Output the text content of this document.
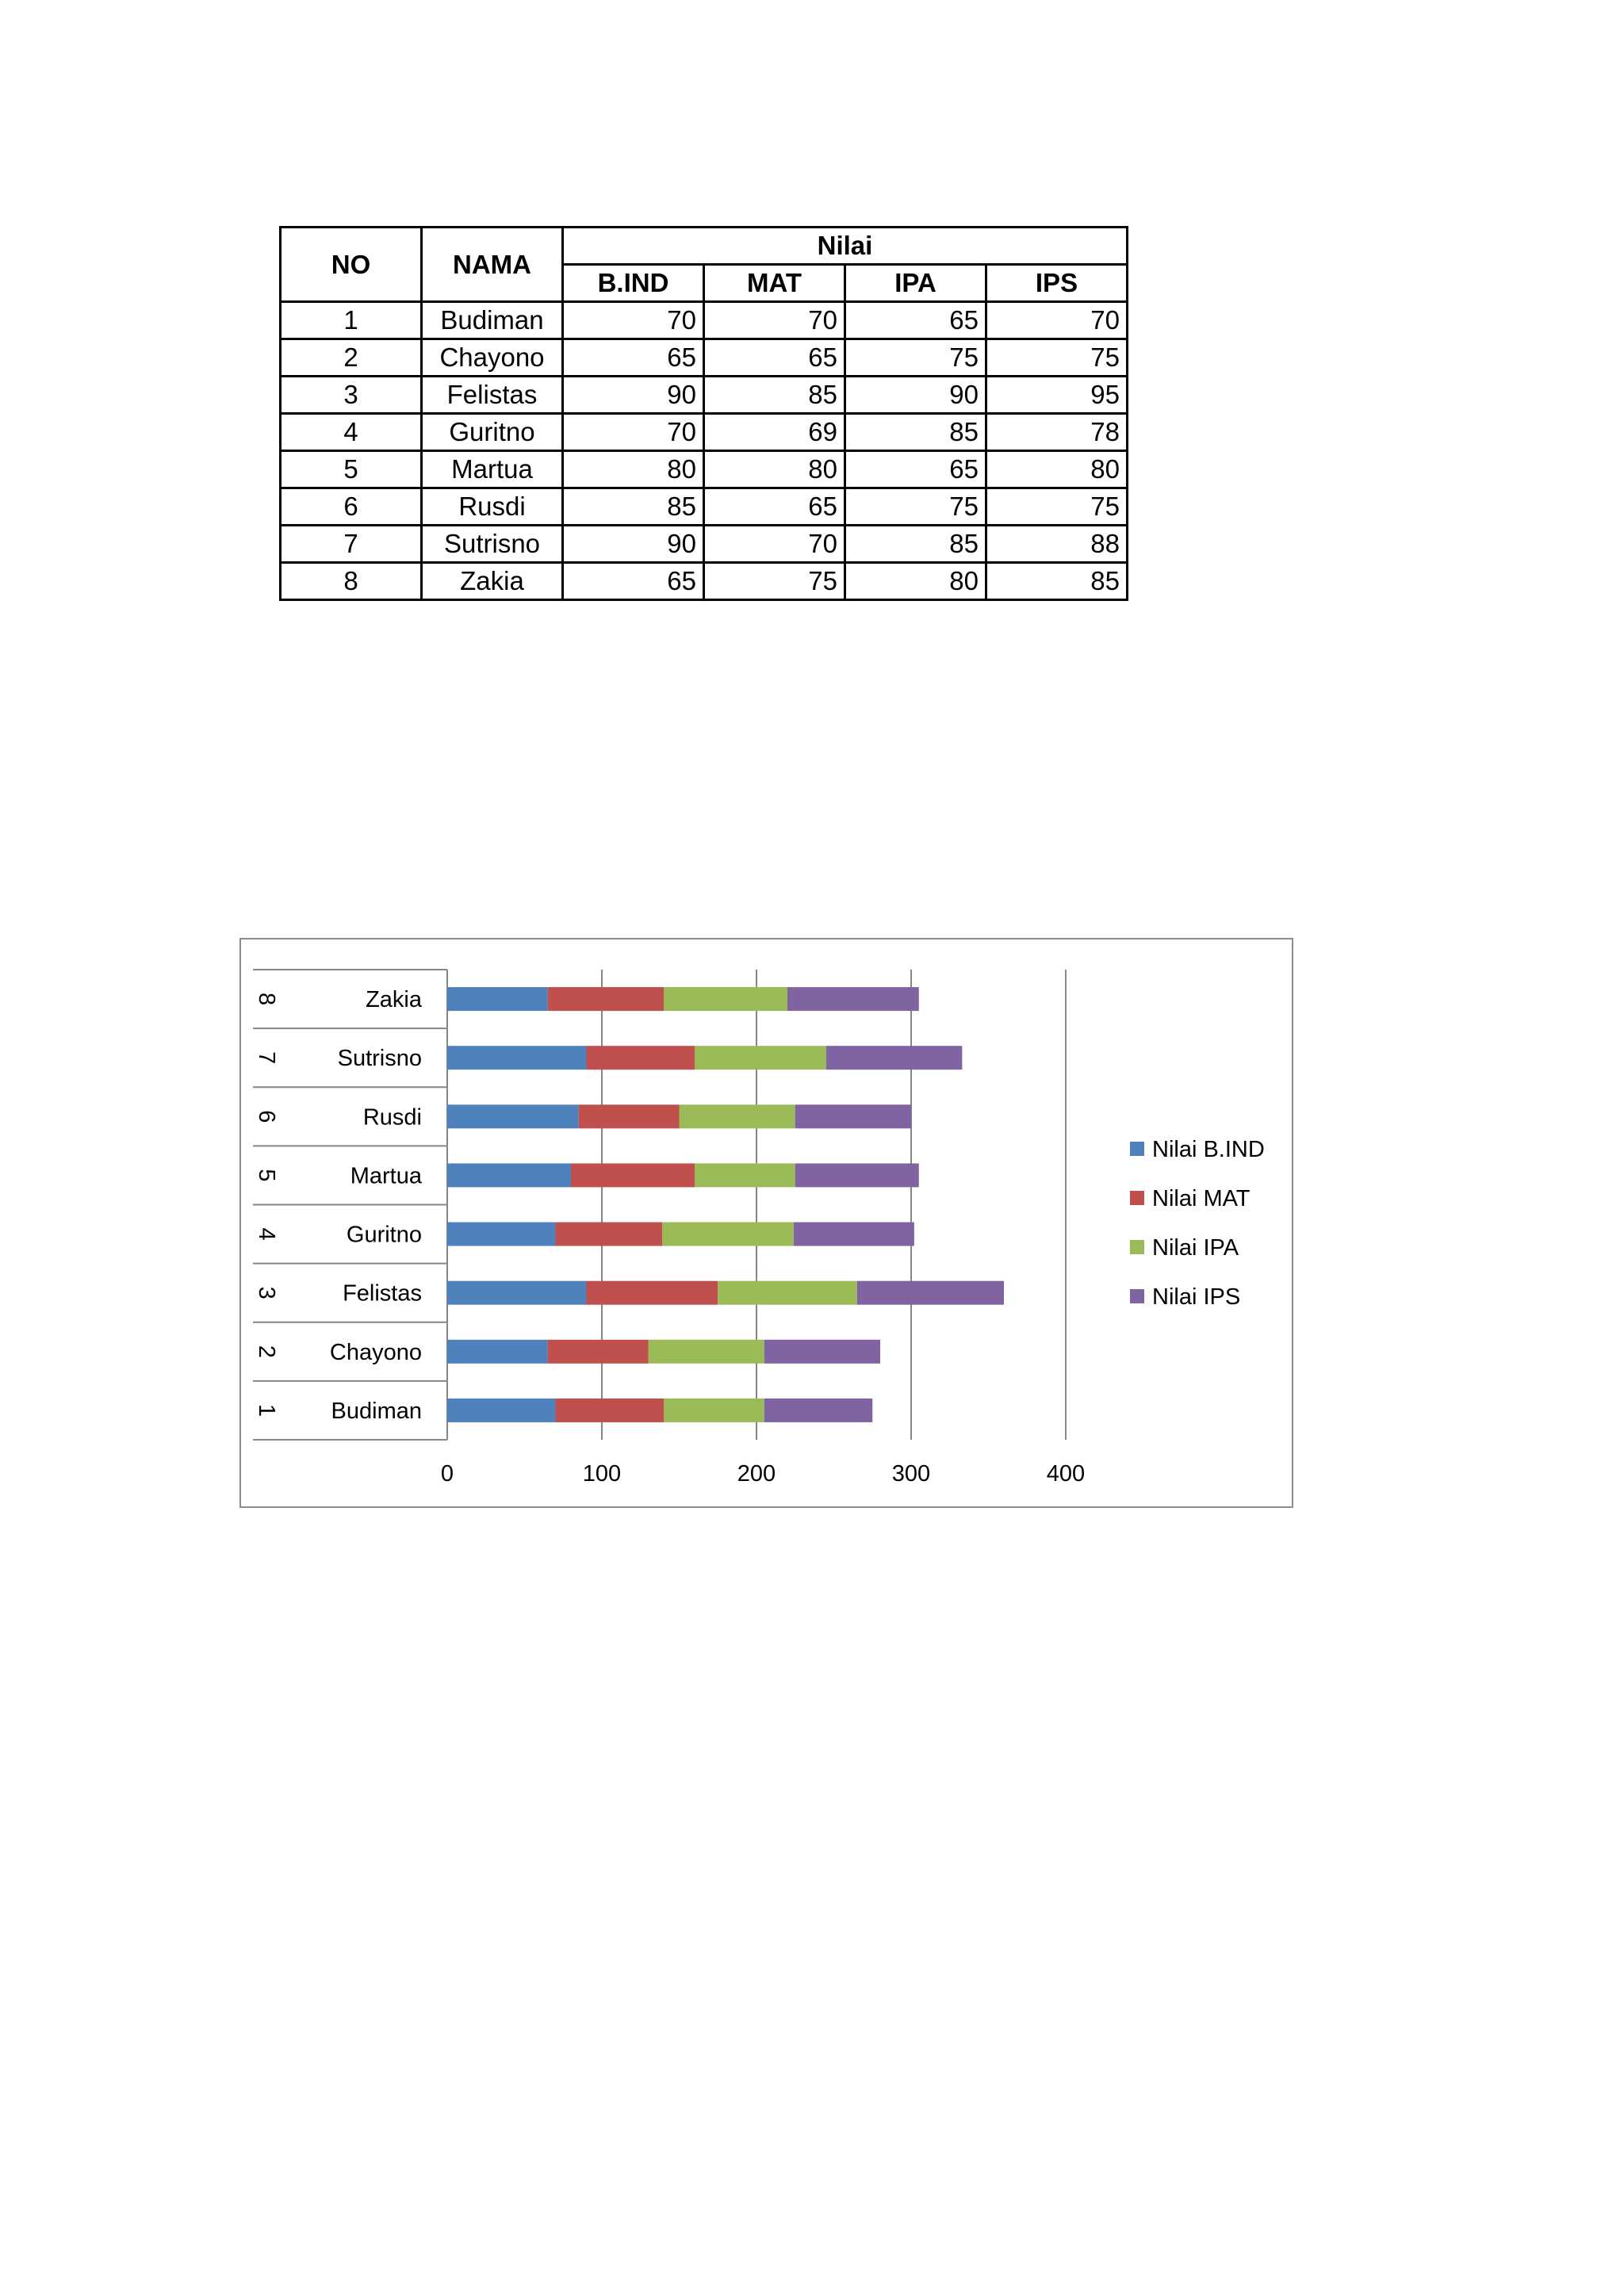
NO	NAMA	Nilai			
		B.IND	MAT	IPA	IPS
1	Budiman	70	70	65	70
2	Chayono	65	65	75	75
3	Felistas	90	85	90	95
4	Guritno	70	69	85	78
5	Martua	80	80	65	80
6	Rusdi	85	65	75	75
7	Sutrisno	90	70	85	88
8	Zakia	65	75	80	85
0	100	200	300	400
Budiman
1
Chayono
2
Felistas
3
Guritno
4
Martua
5
Rusdi
6
Sutrisno
7
Zakia
8
Nilai B.IND
Nilai MAT
Nilai IPA
Nilai IPS
